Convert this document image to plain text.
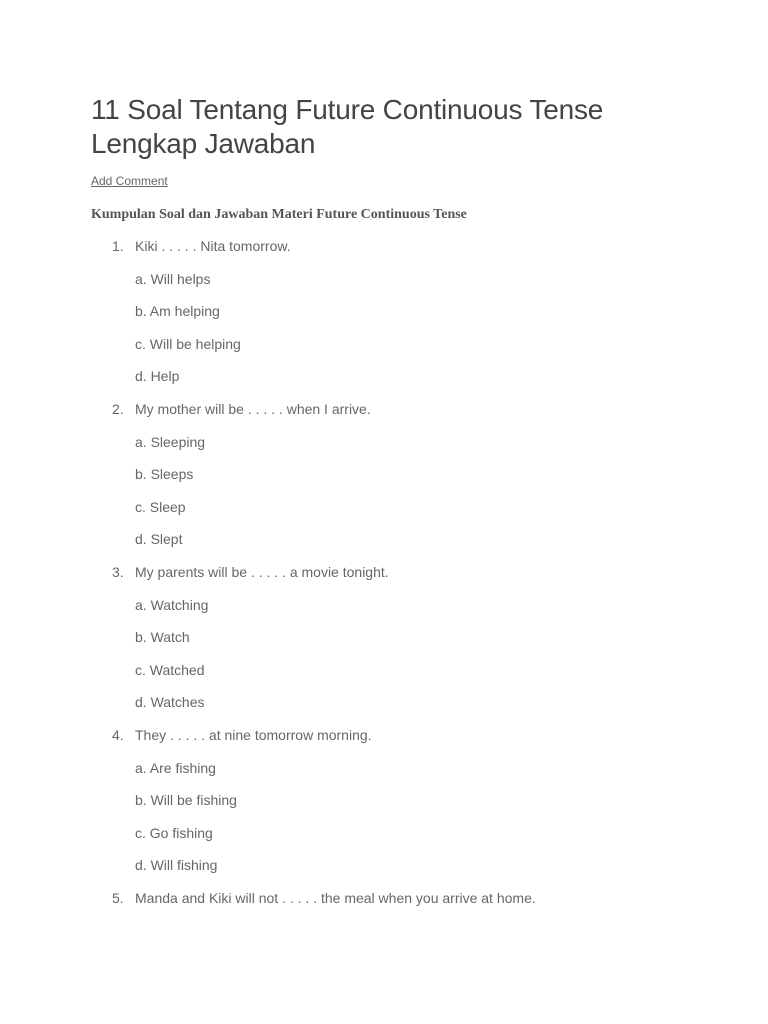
11 Soal Tentang Future Continuous Tense
Lengkap Jawaban
Add Comment
Kumpulan Soal dan Jawaban Materi Future Continuous Tense
1. Kiki . . . . . Nita tomorrow.
a. Will helps
b. Am helping
c. Will be helping
d. Help
2. My mother will be . . . . . when I arrive.
a. Sleeping
b. Sleeps
c. Sleep
d. Slept
3. My parents will be . . . . . a movie tonight.
a. Watching
b. Watch
c. Watched
d. Watches
4. They . . . . . at nine tomorrow morning.
a. Are fishing
b. Will be fishing
c. Go fishing
d. Will fishing
5. Manda and Kiki will not . . . . . the meal when you arrive at home.
